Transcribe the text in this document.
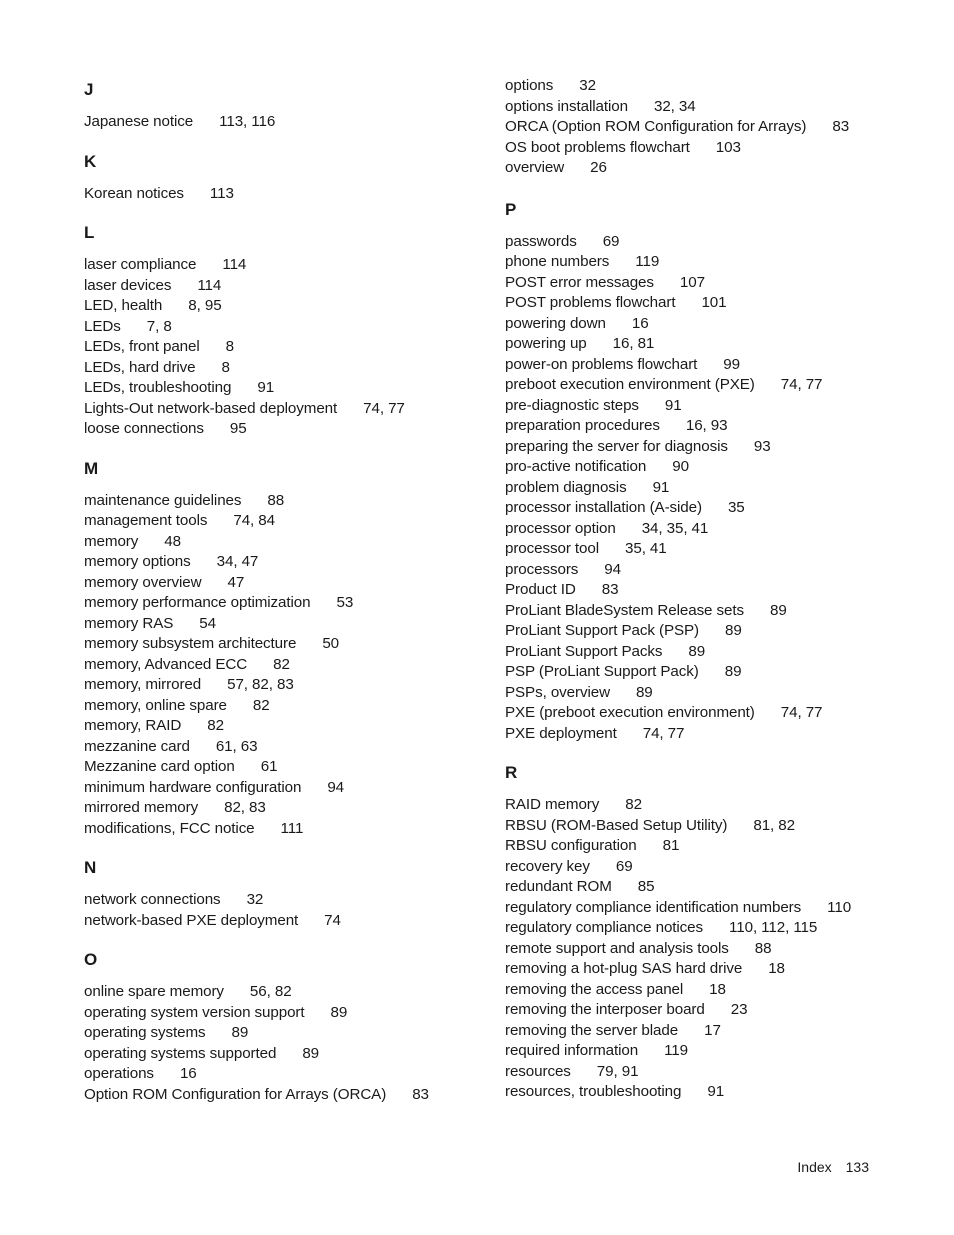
J
Japanese notice 113, 116
K
Korean notices 113
L
laser compliance 114
laser devices 114
LED, health 8, 95
LEDs 7, 8
LEDs, front panel 8
LEDs, hard drive 8
LEDs, troubleshooting 91
Lights-Out network-based deployment 74, 77
loose connections 95
M
maintenance guidelines 88
management tools 74, 84
memory 48
memory options 34, 47
memory overview 47
memory performance optimization 53
memory RAS 54
memory subsystem architecture 50
memory, Advanced ECC 82
memory, mirrored 57, 82, 83
memory, online spare 82
memory, RAID 82
mezzanine card 61, 63
Mezzanine card option 61
minimum hardware configuration 94
mirrored memory 82, 83
modifications, FCC notice 111
N
network connections 32
network-based PXE deployment 74
O
online spare memory 56, 82
operating system version support 89
operating systems 89
operating systems supported 89
operations 16
Option ROM Configuration for Arrays (ORCA) 83
options 32
options installation 32, 34
ORCA (Option ROM Configuration for Arrays) 83
OS boot problems flowchart 103
overview 26
P
passwords 69
phone numbers 119
POST error messages 107
POST problems flowchart 101
powering down 16
powering up 16, 81
power-on problems flowchart 99
preboot execution environment (PXE) 74, 77
pre-diagnostic steps 91
preparation procedures 16, 93
preparing the server for diagnosis 93
pro-active notification 90
problem diagnosis 91
processor installation (A-side) 35
processor option 34, 35, 41
processor tool 35, 41
processors 94
Product ID 83
ProLiant BladeSystem Release sets 89
ProLiant Support Pack (PSP) 89
ProLiant Support Packs 89
PSP (ProLiant Support Pack) 89
PSPs, overview 89
PXE (preboot execution environment) 74, 77
PXE deployment 74, 77
R
RAID memory 82
RBSU (ROM-Based Setup Utility) 81, 82
RBSU configuration 81
recovery key 69
redundant ROM 85
regulatory compliance identification numbers 110
regulatory compliance notices 110, 112, 115
remote support and analysis tools 88
removing a hot-plug SAS hard drive 18
removing the access panel 18
removing the interposer board 23
removing the server blade 17
required information 119
resources 79, 91
resources, troubleshooting 91
Index 133
